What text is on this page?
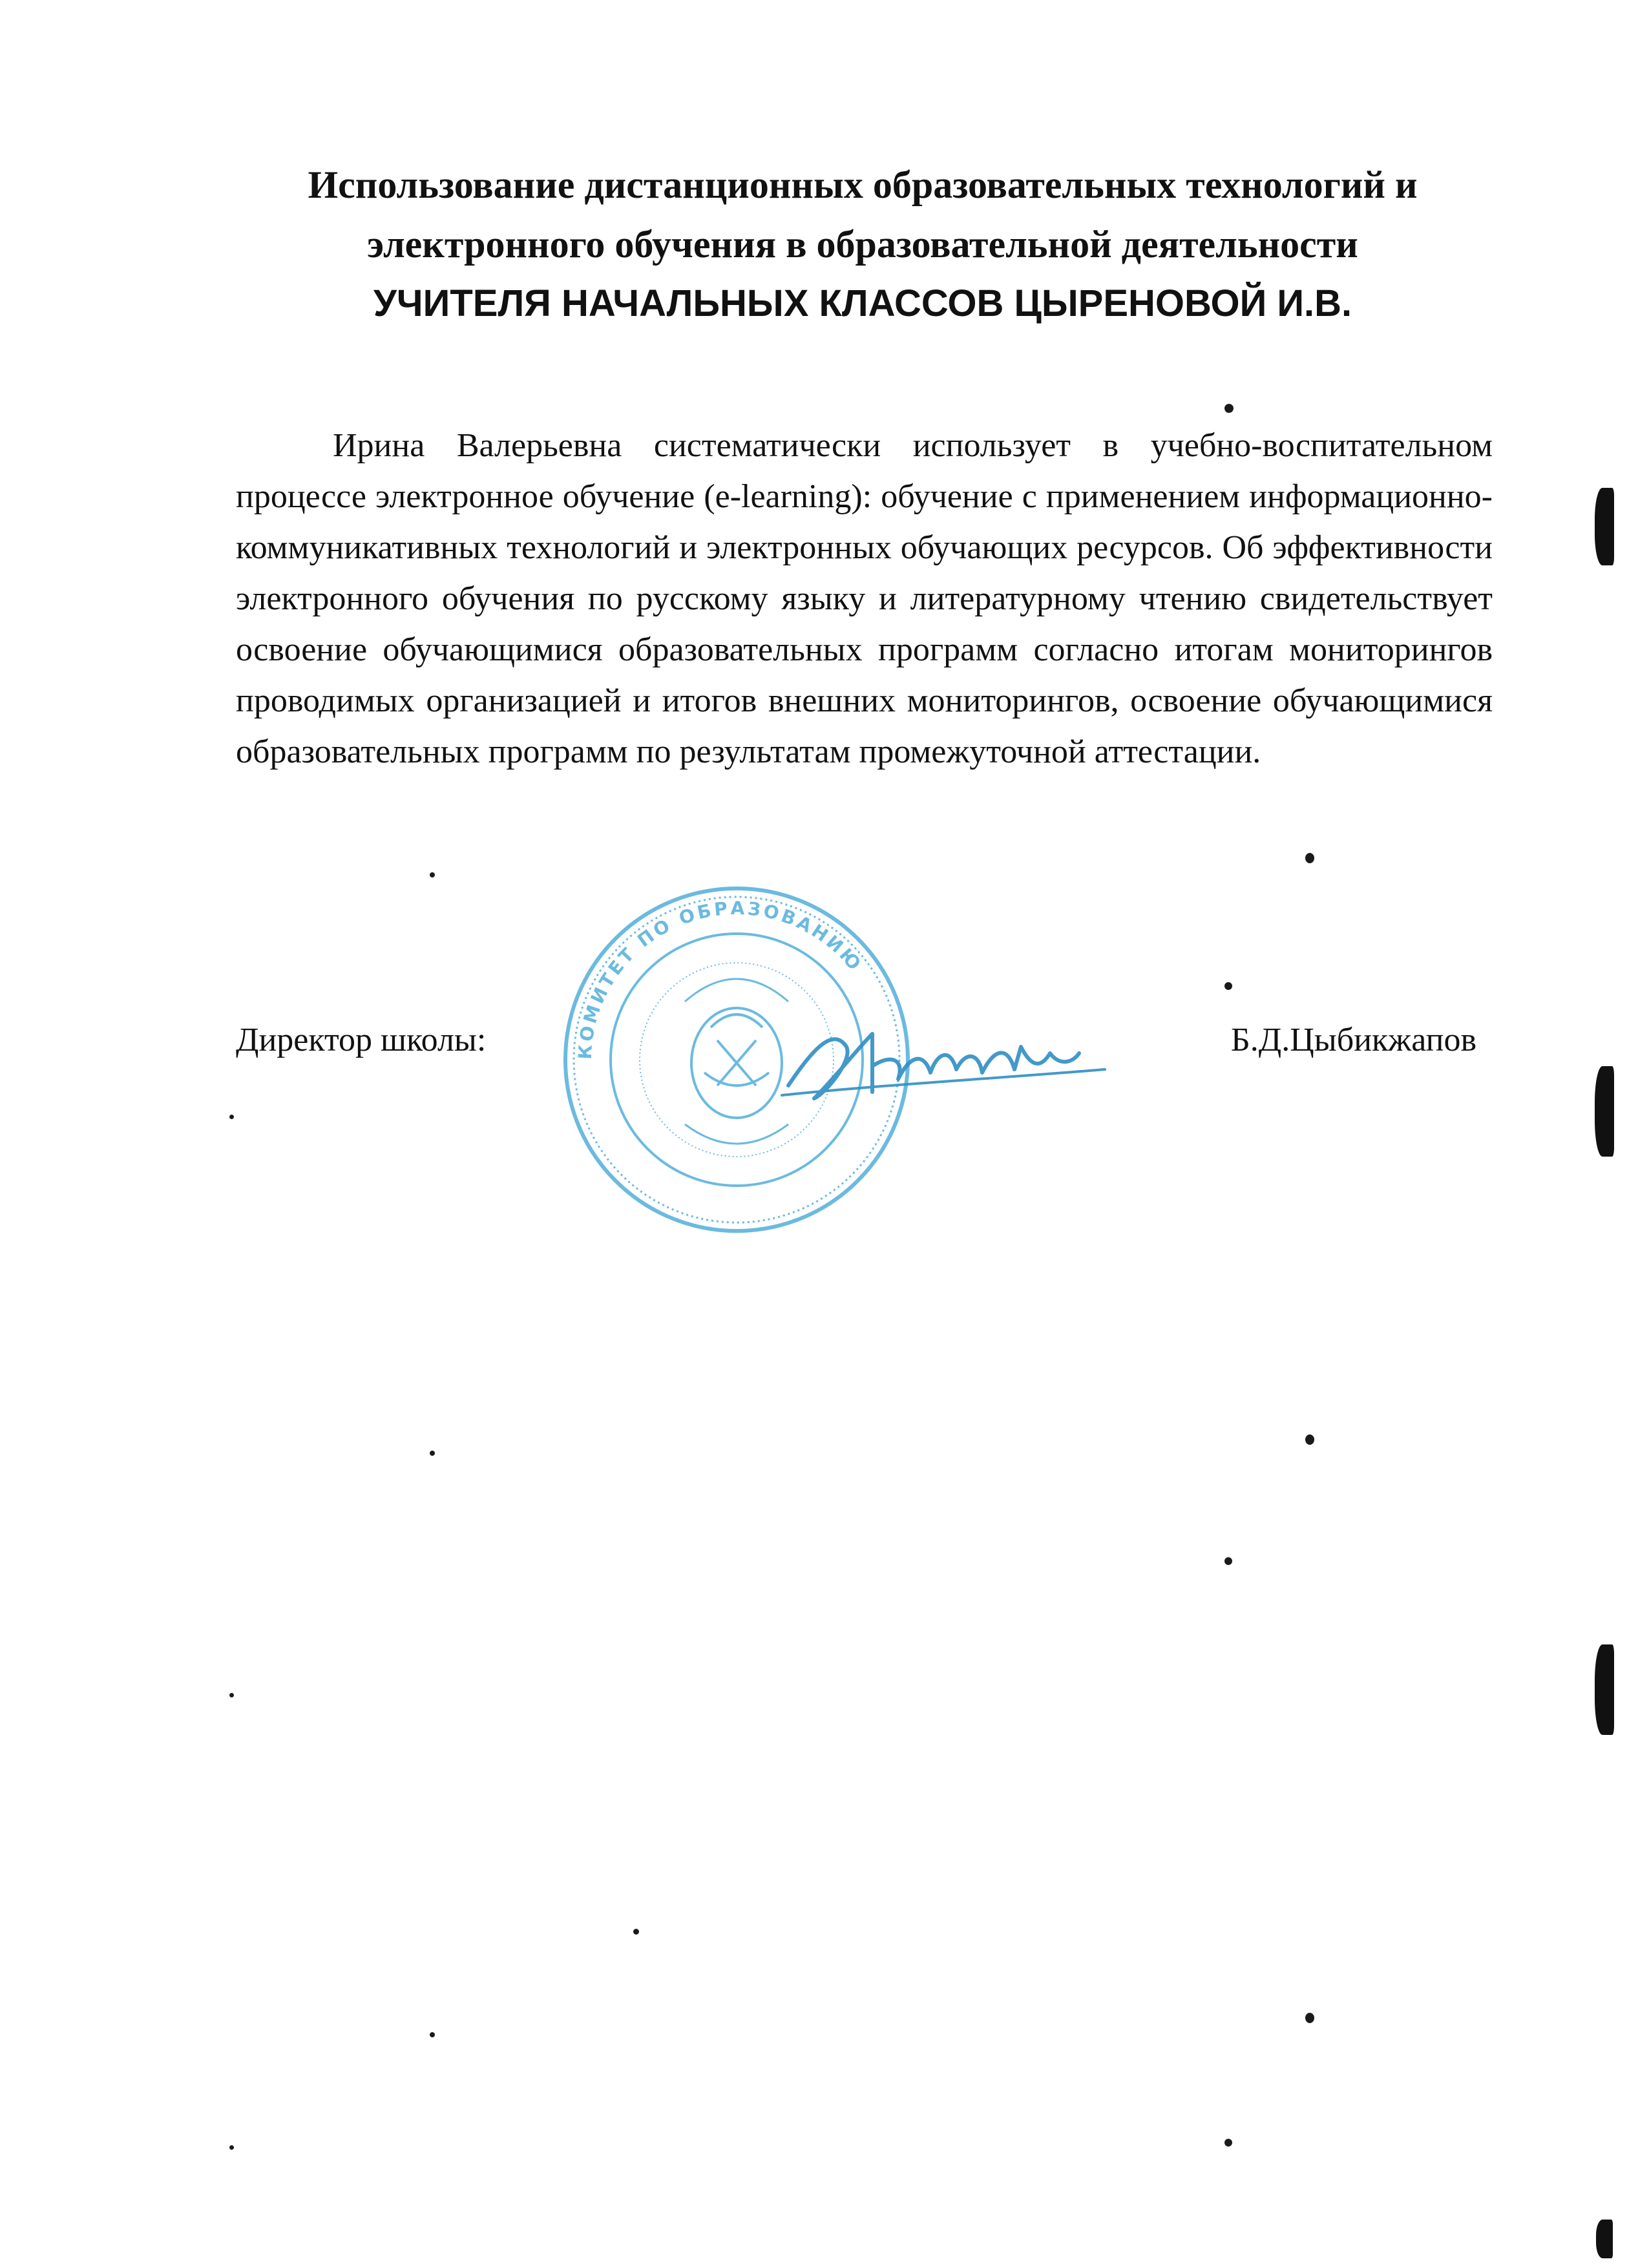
Использование дистанционных образовательных технологий и
электронного обучения в образовательной деятельности
УЧИТЕЛЯ НАЧАЛЬНЫХ КЛАССОВ ЦЫРЕНОВОЙ И.В.

Ирина Валерьевна систематически использует в учебно-воспитательном процессе электронное обучение (e-learning): обучение с применением информационно-коммуникативных технологий и электронных обучающих ресурсов. Об эффективности электронного обучения по русскому языку и литературному чтению свидетельствует освоение обучающимися образовательных программ согласно итогам мониторингов проводимых организацией и итогов внешних мониторингов, освоение обучающимися образовательных программ по результатам промежуточной аттестации.

КОМИТЕТ ПО ОБРАЗОВАНИЮ
Директор школы:	Б.Д.Цыбикжапов
